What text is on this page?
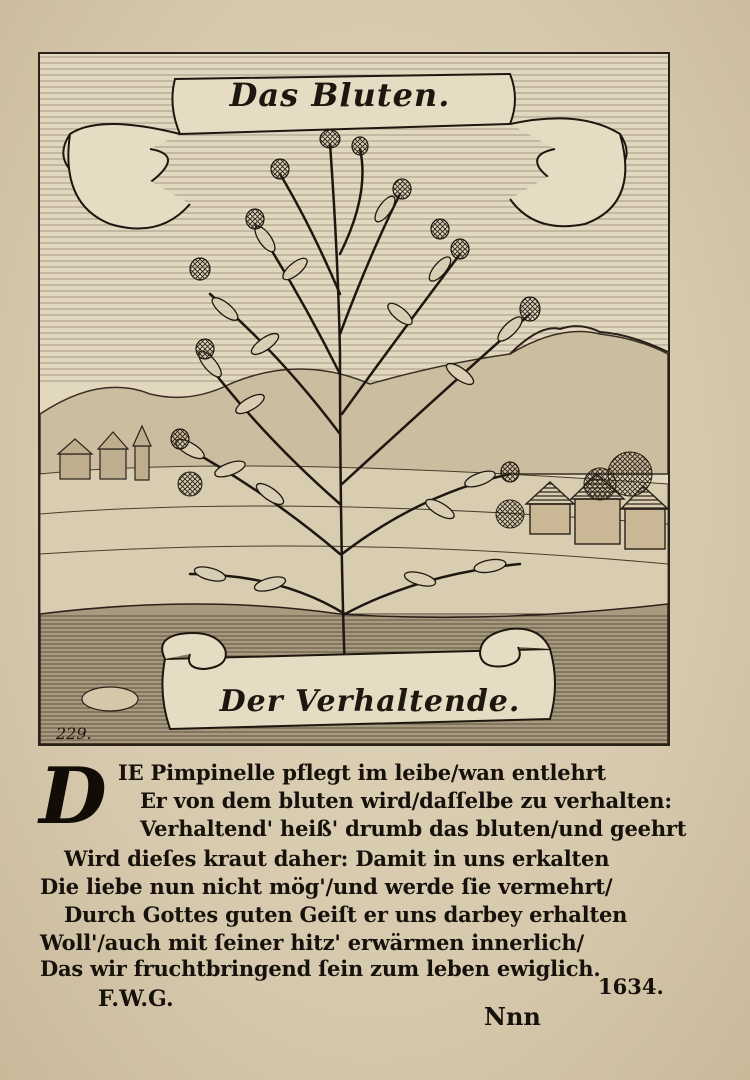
Das Bluten.
Der Verhaltende.
229.
D IE Pimpinelle pflegt im leibe/wan entlehrt
Er von dem bluten wird/daſſelbe zu verhalten:
Verhaltend' heiß' drumb das bluten/und geehrt
Wird dieſes kraut daher: Damit in uns erkalten
Die liebe nun nicht mög'/und werde ſie vermehrt/
Durch Gottes guten Geiſt er uns darbey erhalten
Woll'/auch mit ſeiner hitz' erwärmen innerlich/
Das wir fruchtbringend ſein zum leben ewiglich.
F.W.G.	1634.
Nnn
